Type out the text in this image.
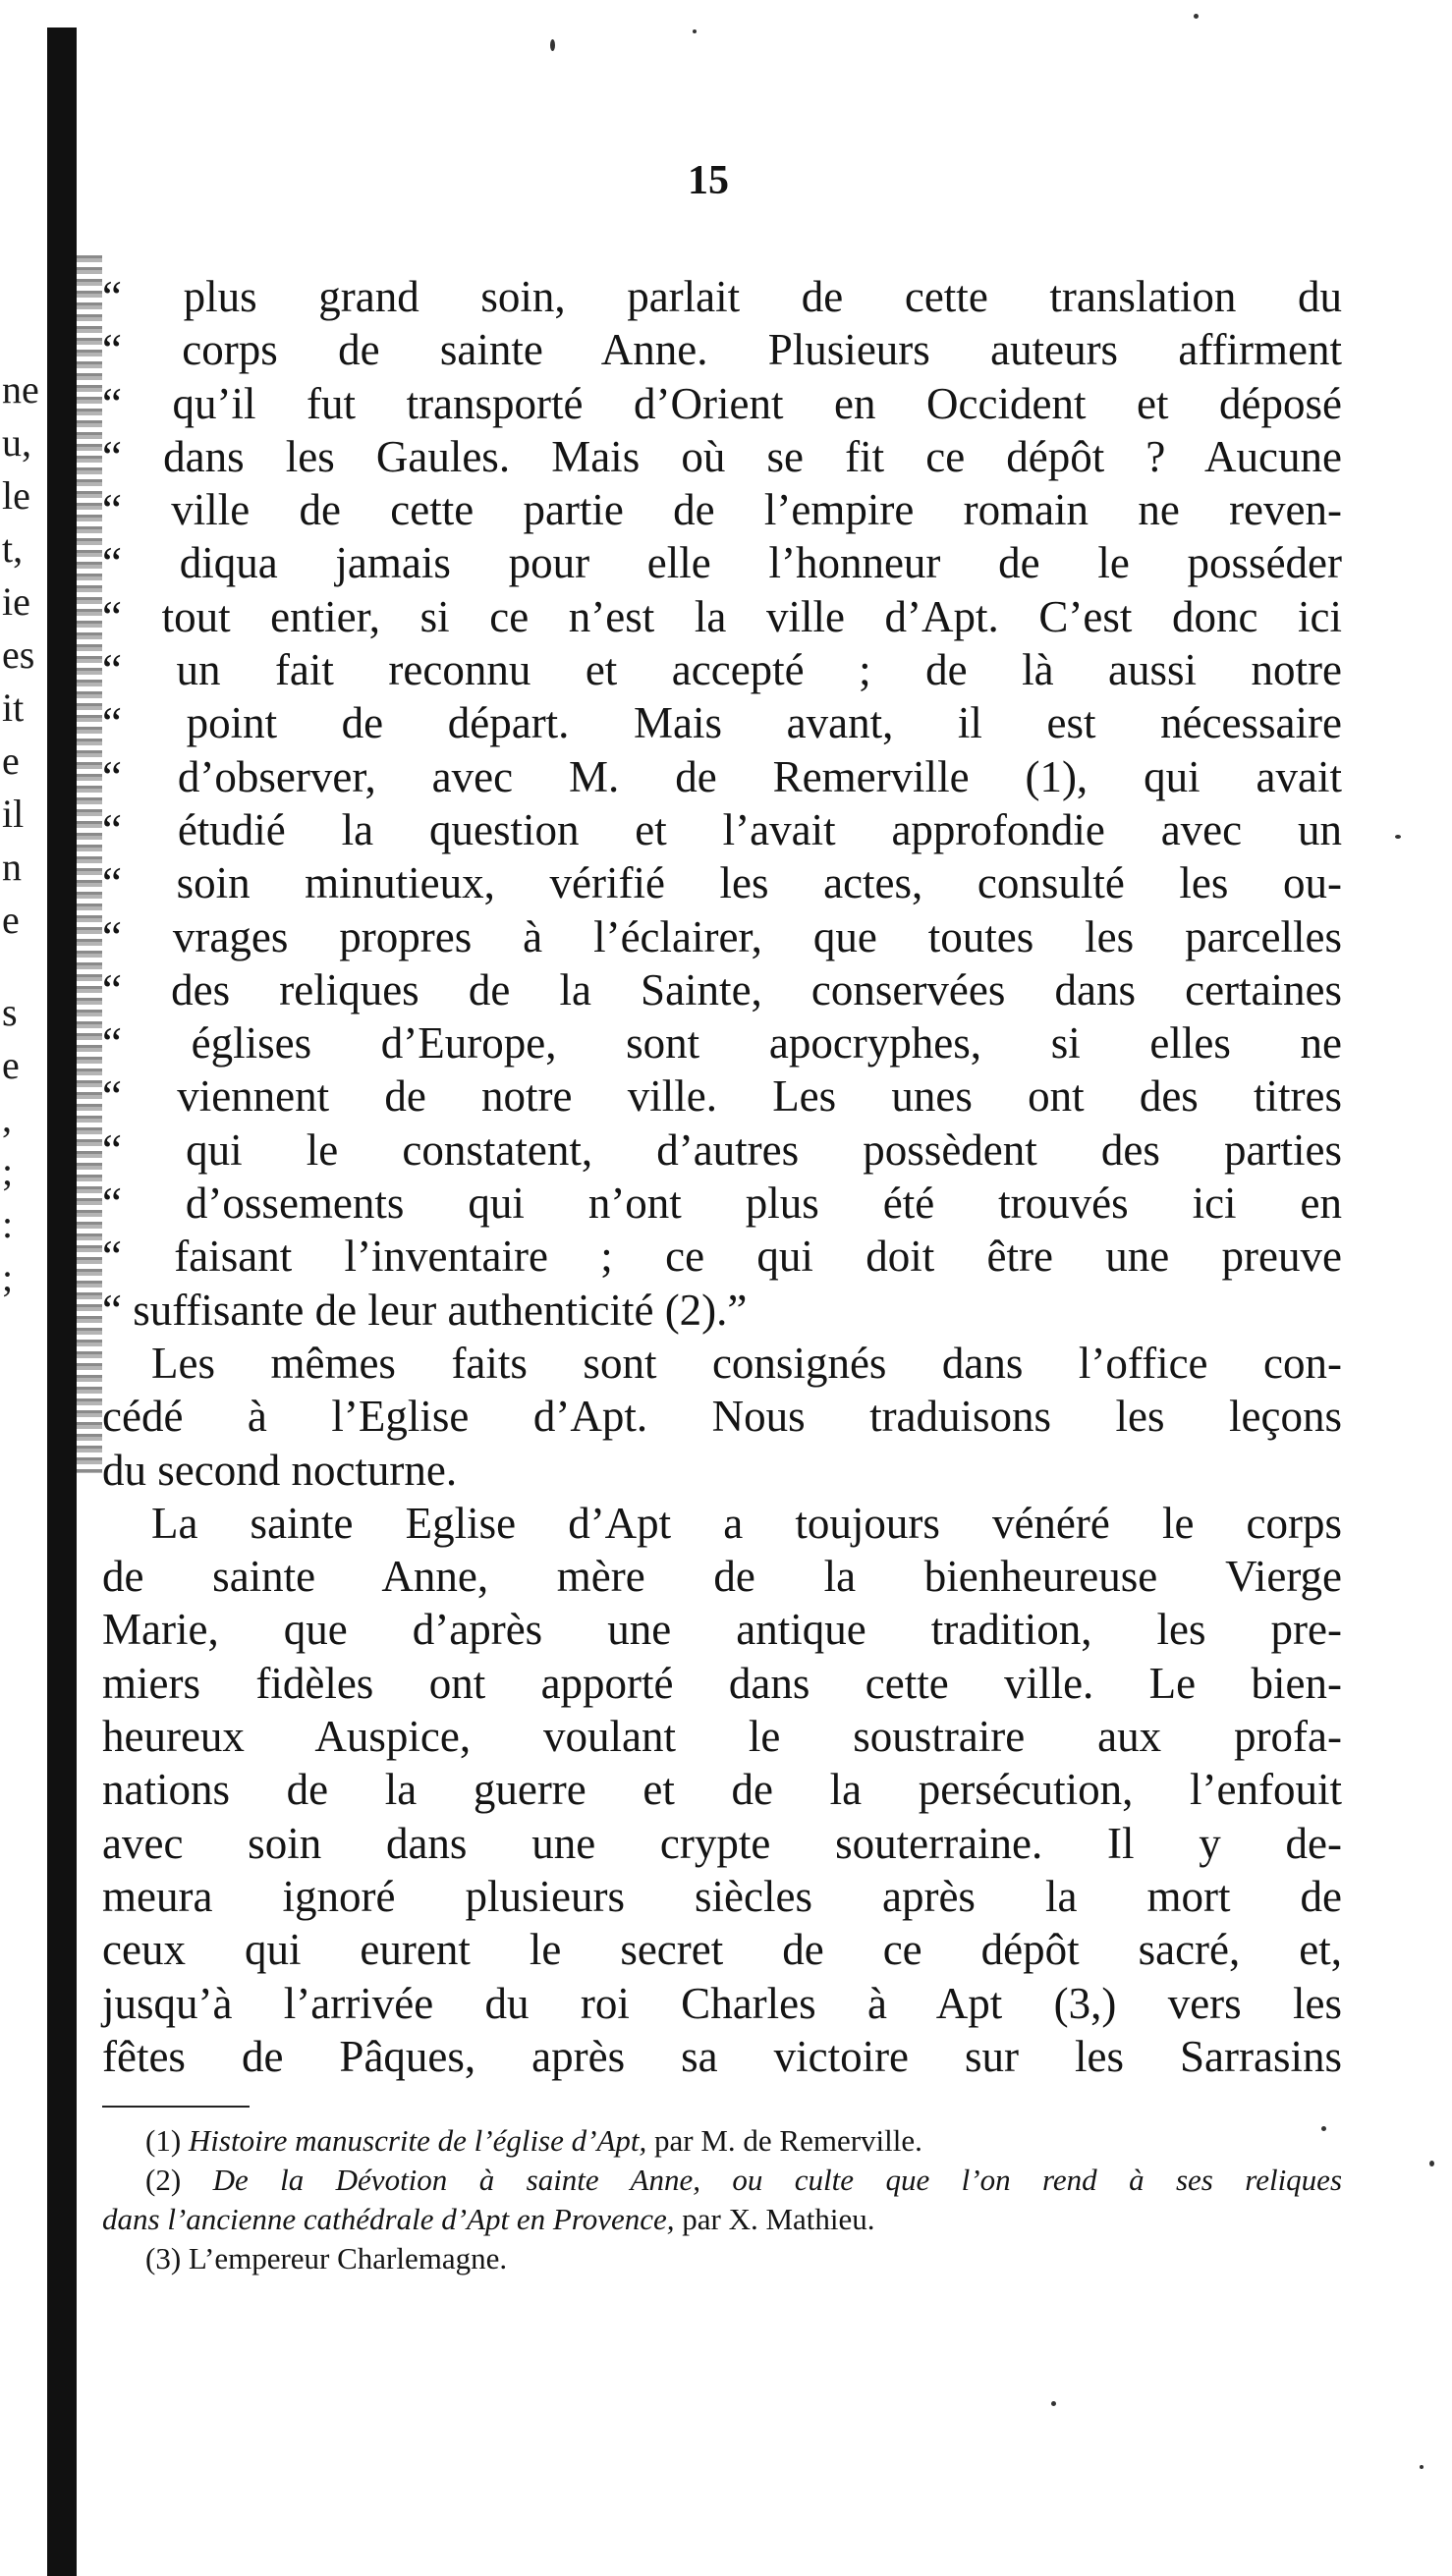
ne
u,
le
t,
ie
es
it
e
il
n
e
s
e
,
;
:
;
15
“ plus grand soin, parlait de cette translation du
“ corps de sainte Anne. Plusieurs auteurs affirment
“ qu’il fut transporté d’Orient en Occident et déposé
“ dans les Gaules. Mais où se fit ce dépôt ? Aucune
“ ville de cette partie de l’empire romain ne reven-
“ diqua jamais pour elle l’honneur de le posséder
“ tout entier, si ce n’est la ville d’Apt. C’est donc ici
“ un fait reconnu et accepté ; de là aussi notre
“ point de départ. Mais avant, il est nécessaire
“ d’observer, avec M. de Remerville (1), qui avait
“ étudié la question et l’avait approfondie avec un
“ soin minutieux, vérifié les actes, consulté les ou-
“ vrages propres à l’éclairer, que toutes les parcelles
“ des reliques de la Sainte, conservées dans certaines
“ églises d’Europe, sont apocryphes, si elles ne
“ viennent de notre ville. Les unes ont des titres
“ qui le constatent, d’autres possèdent des parties
“ d’ossements qui n’ont plus été trouvés ici en
“ faisant l’inventaire ; ce qui doit être une preuve
“ suffisante de leur authenticité (2).”
Les mêmes faits sont consignés dans l’office con-
cédé à l’Eglise d’Apt. Nous traduisons les leçons
du second nocturne.
La sainte Eglise d’Apt a toujours vénéré le corps
de sainte Anne, mère de la bienheureuse Vierge
Marie, que d’après une antique tradition, les pre-
miers fidèles ont apporté dans cette ville. Le bien-
heureux Auspice, voulant le soustraire aux profa-
nations de la guerre et de la persécution, l’enfouit
avec soin dans une crypte souterraine. Il y de-
meura ignoré plusieurs siècles après la mort de
ceux qui eurent le secret de ce dépôt sacré, et,
jusqu’à l’arrivée du roi Charles à Apt (3,) vers les
fêtes de Pâques, après sa victoire sur les Sarrasins
(1) Histoire manuscrite de l’église d’Apt, par M. de Remerville.
(2) De la Dévotion à sainte Anne, ou culte que l’on rend à ses reliques
dans l’ancienne cathédrale d’Apt en Provence, par X. Mathieu.
(3) L’empereur Charlemagne.
